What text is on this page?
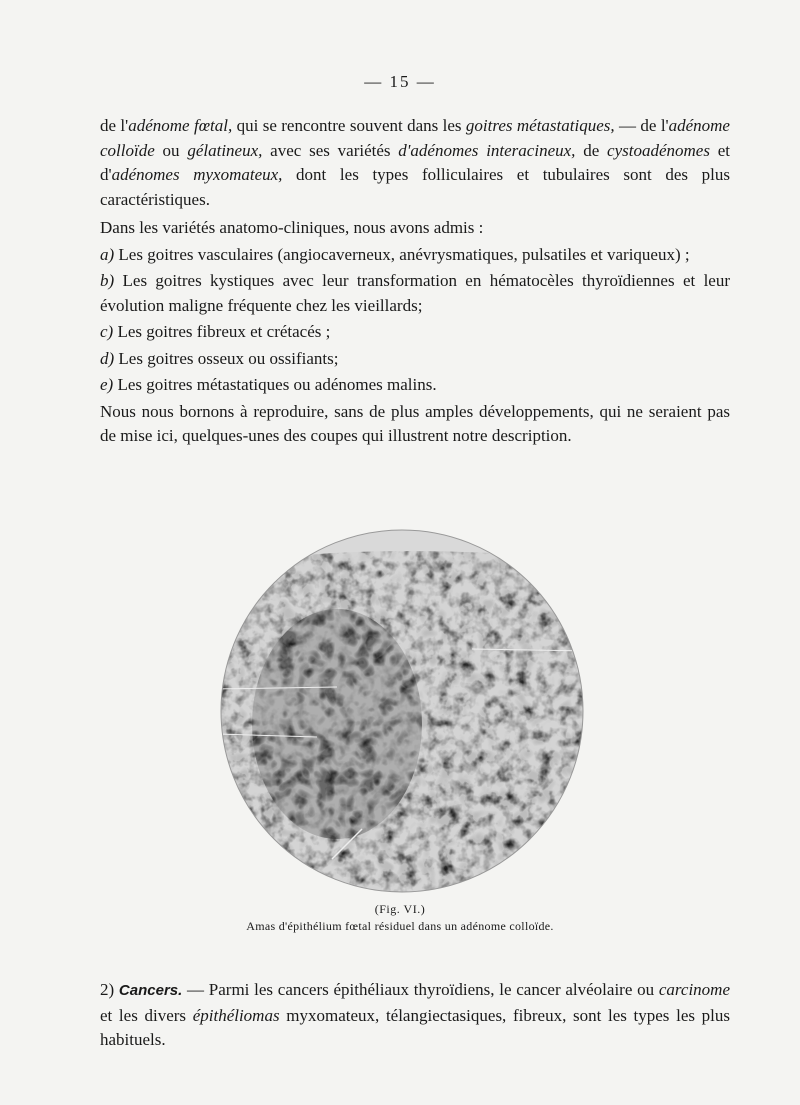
— 15 —

de l'adénome fœtal, qui se rencontre souvent dans les goitres métastatiques, — de l'adénome colloïde ou gélatineux, avec ses variétés d'adénomes interacineux, de cystoadénomes et d'adénomes myxomateux, dont les types folliculaires et tubulaires sont des plus caractéristiques.

Dans les variétés anatomo-cliniques, nous avons admis :

a) Les goitres vasculaires (angiocaverneux, anévrysmatiques, pulsatiles et variqueux) ;

b) Les goitres kystiques avec leur transformation en hématocèles thyroïdiennes et leur évolution maligne fréquente chez les vieillards;

c) Les goitres fibreux et crétacés ;

d) Les goitres osseux ou ossifiants;

e) Les goitres métastatiques ou adénomes malins.

Nous nous bornons à reproduire, sans de plus amples développements, qui ne seraient pas de mise ici, quelques-unes des coupes qui illustrent notre description.

(Fig. VI.)
Amas d'épithélium fœtal résiduel dans un adénome colloïde.

2) Cancers. — Parmi les cancers épithéliaux thyroïdiens, le cancer alvéolaire ou carcinome et les divers épithéliomas myxomateux, télangiectasiques, fibreux, sont les types les plus habituels.
